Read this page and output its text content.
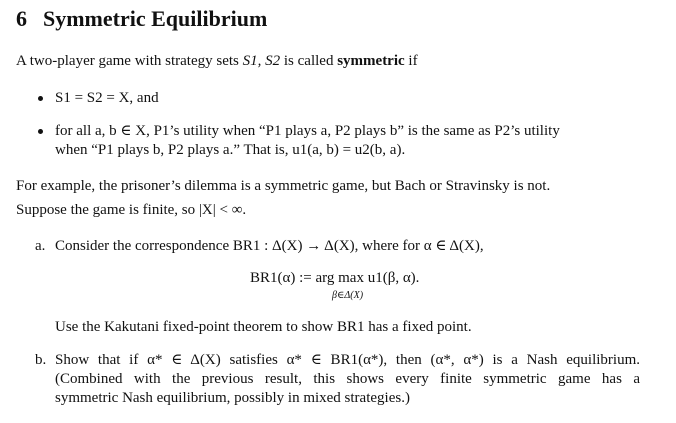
6 Symmetric Equilibrium
A two-player game with strategy sets S1, S2 is called symmetric if
S1 = S2 = X, and
for all a, b ∈ X, P1’s utility when “P1 plays a, P2 plays b” is the same as P2’s utility
when “P1 plays b, P2 plays a.” That is, u1(a, b) = u2(b, a).
For example, the prisoner’s dilemma is a symmetric game, but Bach or Stravinsky is not.
Suppose the game is finite, so |X| < ∞.
a. Consider the correspondence BR1 : Δ(X) → Δ(X), where for α ∈ Δ(X),
BR1(α) := arg max u1(β, α).
β∈Δ(X)
Use the Kakutani fixed-point theorem to show BR1 has a fixed point.
b. Show that if α* ∈ Δ(X) satisfies α* ∈ BR1(α*), then (α*, α*) is a Nash equilibrium.
(Combined with the previous result, this shows every finite symmetric game has a
symmetric Nash equilibrium, possibly in mixed strategies.)
